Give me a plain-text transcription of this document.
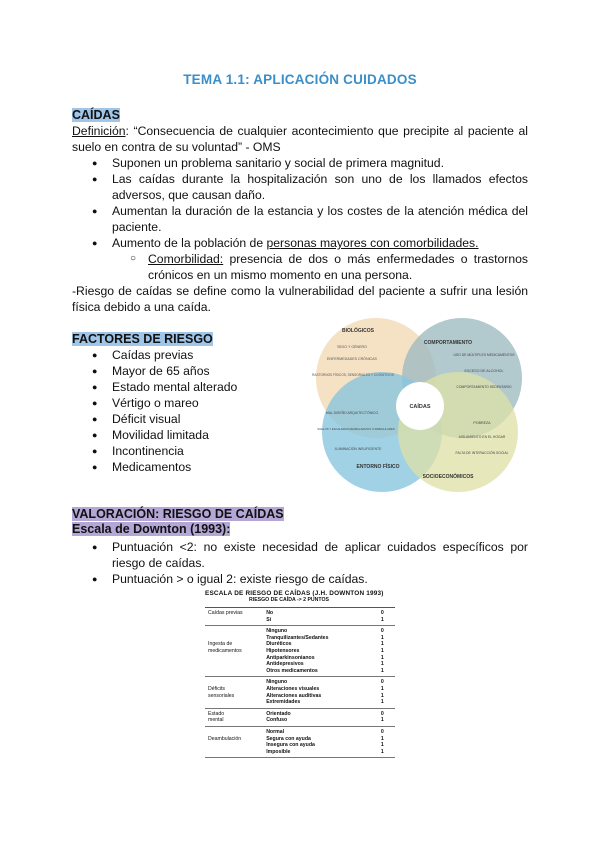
TEMA 1.1: APLICACIÓN CUIDADOS
CAÍDAS
Definición: “Consecuencia de cualquier acontecimiento que precipite al paciente al suelo en contra de su voluntad” - OMS
● Suponen un problema sanitario y social de primera magnitud.
● Las caídas durante la hospitalización son uno de los llamados efectos adversos, que causan daño.
● Aumentan la duración de la estancia y los costes de la atención médica del paciente.
● Aumento de la población de personas mayores con comorbilidades.
○ Comorbilidad: presencia de dos o más enfermedades o trastornos crónicos en un mismo momento en una persona.
-Riesgo de caídas se define como la vulnerabilidad del paciente a sufrir una lesión física debido a una caída.
FACTORES DE RIESGO
● Caídas previas
● Mayor de 65 años
● Estado mental alterado
● Vértigo o mareo
● Déficit visual
● Movilidad limitada
● Incontinencia
● Medicamentos
CAÍDAS
BIOLÓGICOS
COMPORTAMIENTO
ENTORNO FÍSICO
SOCIOECONÓMICOS
SEXO Y GÉNERO
ENFERMEDADES CRÓNICAS
TRASTORNOS FÍSICOS, SENSORIALES Y COGNITIVOS
USO DE MÚLTIPLES MEDICAMENTOS
EXCESO DE ALCOHOL
COMPORTAMIENTO SEDENTARIO
MAL DISEÑO ARQUITECTÓNICO
SUELOS Y ESCALERAS RESBALADIZOS O IRREGULARES
ILUMINACIÓN INSUFICIENTE
POBREZA
AISLAMIENTO EN EL HOGAR
FALTA DE INTERACCIÓN SOCIAL
VALORACIÓN: RIESGO DE CAÍDAS
Escala de Downton (1993):
● Puntuación <2: no existe necesidad de aplicar cuidados específicos por riesgo de caídas.
● Puntuación > o igual 2: existe riesgo de caídas.
ESCALA DE RIESGO DE CAÍDAS (J.H. DOWNTON 1993)
RIESGO DE CAÍDA -> 2 PUNTOS
Caídas previas	No
Sí
0
1
Ingesta de
medicamentos
Ninguno
Tranquilizantes/Sedantes
Diuréticos
Hipotensores
Antiparkinsonianos
Antidepresivos
Otros medicamentos
0
1
1
1
1
1
1
Déficits
sensoriales
Ninguno
Alteraciones visuales
Alteraciones auditivas
Extremidades
0
1
1
1
Estado
mental
Orientado
Confuso
0
1
Deambulación
Normal
Segura con ayuda
Insegura con ayuda
Imposible
0
1
1
1
